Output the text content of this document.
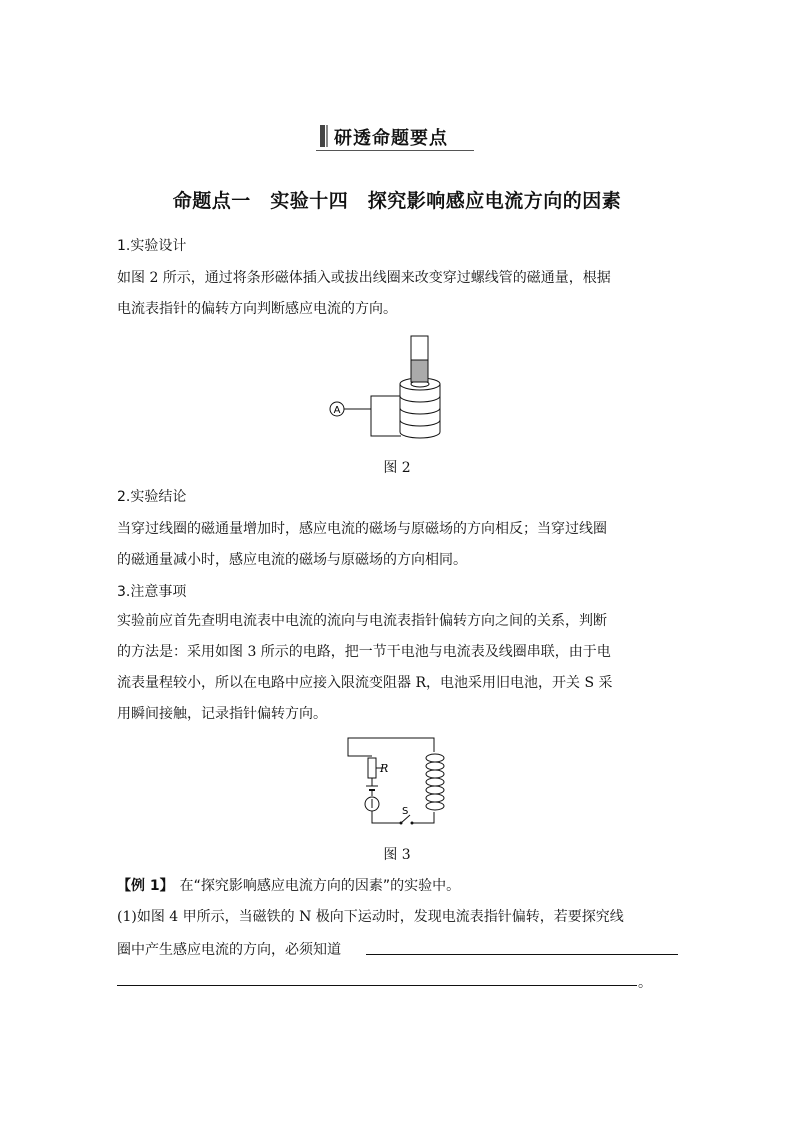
研透命题要点
命题点一　实验十四　探究影响感应电流方向的因素
1.实验设计
如图 2 所示，通过将条形磁体插入或拔出线圈来改变穿过螺线管的磁通量，根据
电流表指针的偏转方向判断感应电流的方向。
A
图 2
2.实验结论
当穿过线圈的磁通量增加时，感应电流的磁场与原磁场的方向相反；当穿过线圈
的磁通量减小时，感应电流的磁场与原磁场的方向相同。
3.注意事项
实验前应首先查明电流表中电流的流向与电流表指针偏转方向之间的关系，判断
的方法是：采用如图 3 所示的电路，把一节干电池与电流表及线圈串联，由于电
流表量程较小，所以在电路中应接入限流变阻器 R，电池采用旧电池，开关 S 采
用瞬间接触，记录指针偏转方向。
R
S
图 3
【例 1】 在“探究影响感应电流方向的因素”的实验中。
(1)如图 4 甲所示，当磁铁的 N 极向下运动时，发现电流表指针偏转，若要探究线
圈中产生感应电流的方向，必须知道
。
